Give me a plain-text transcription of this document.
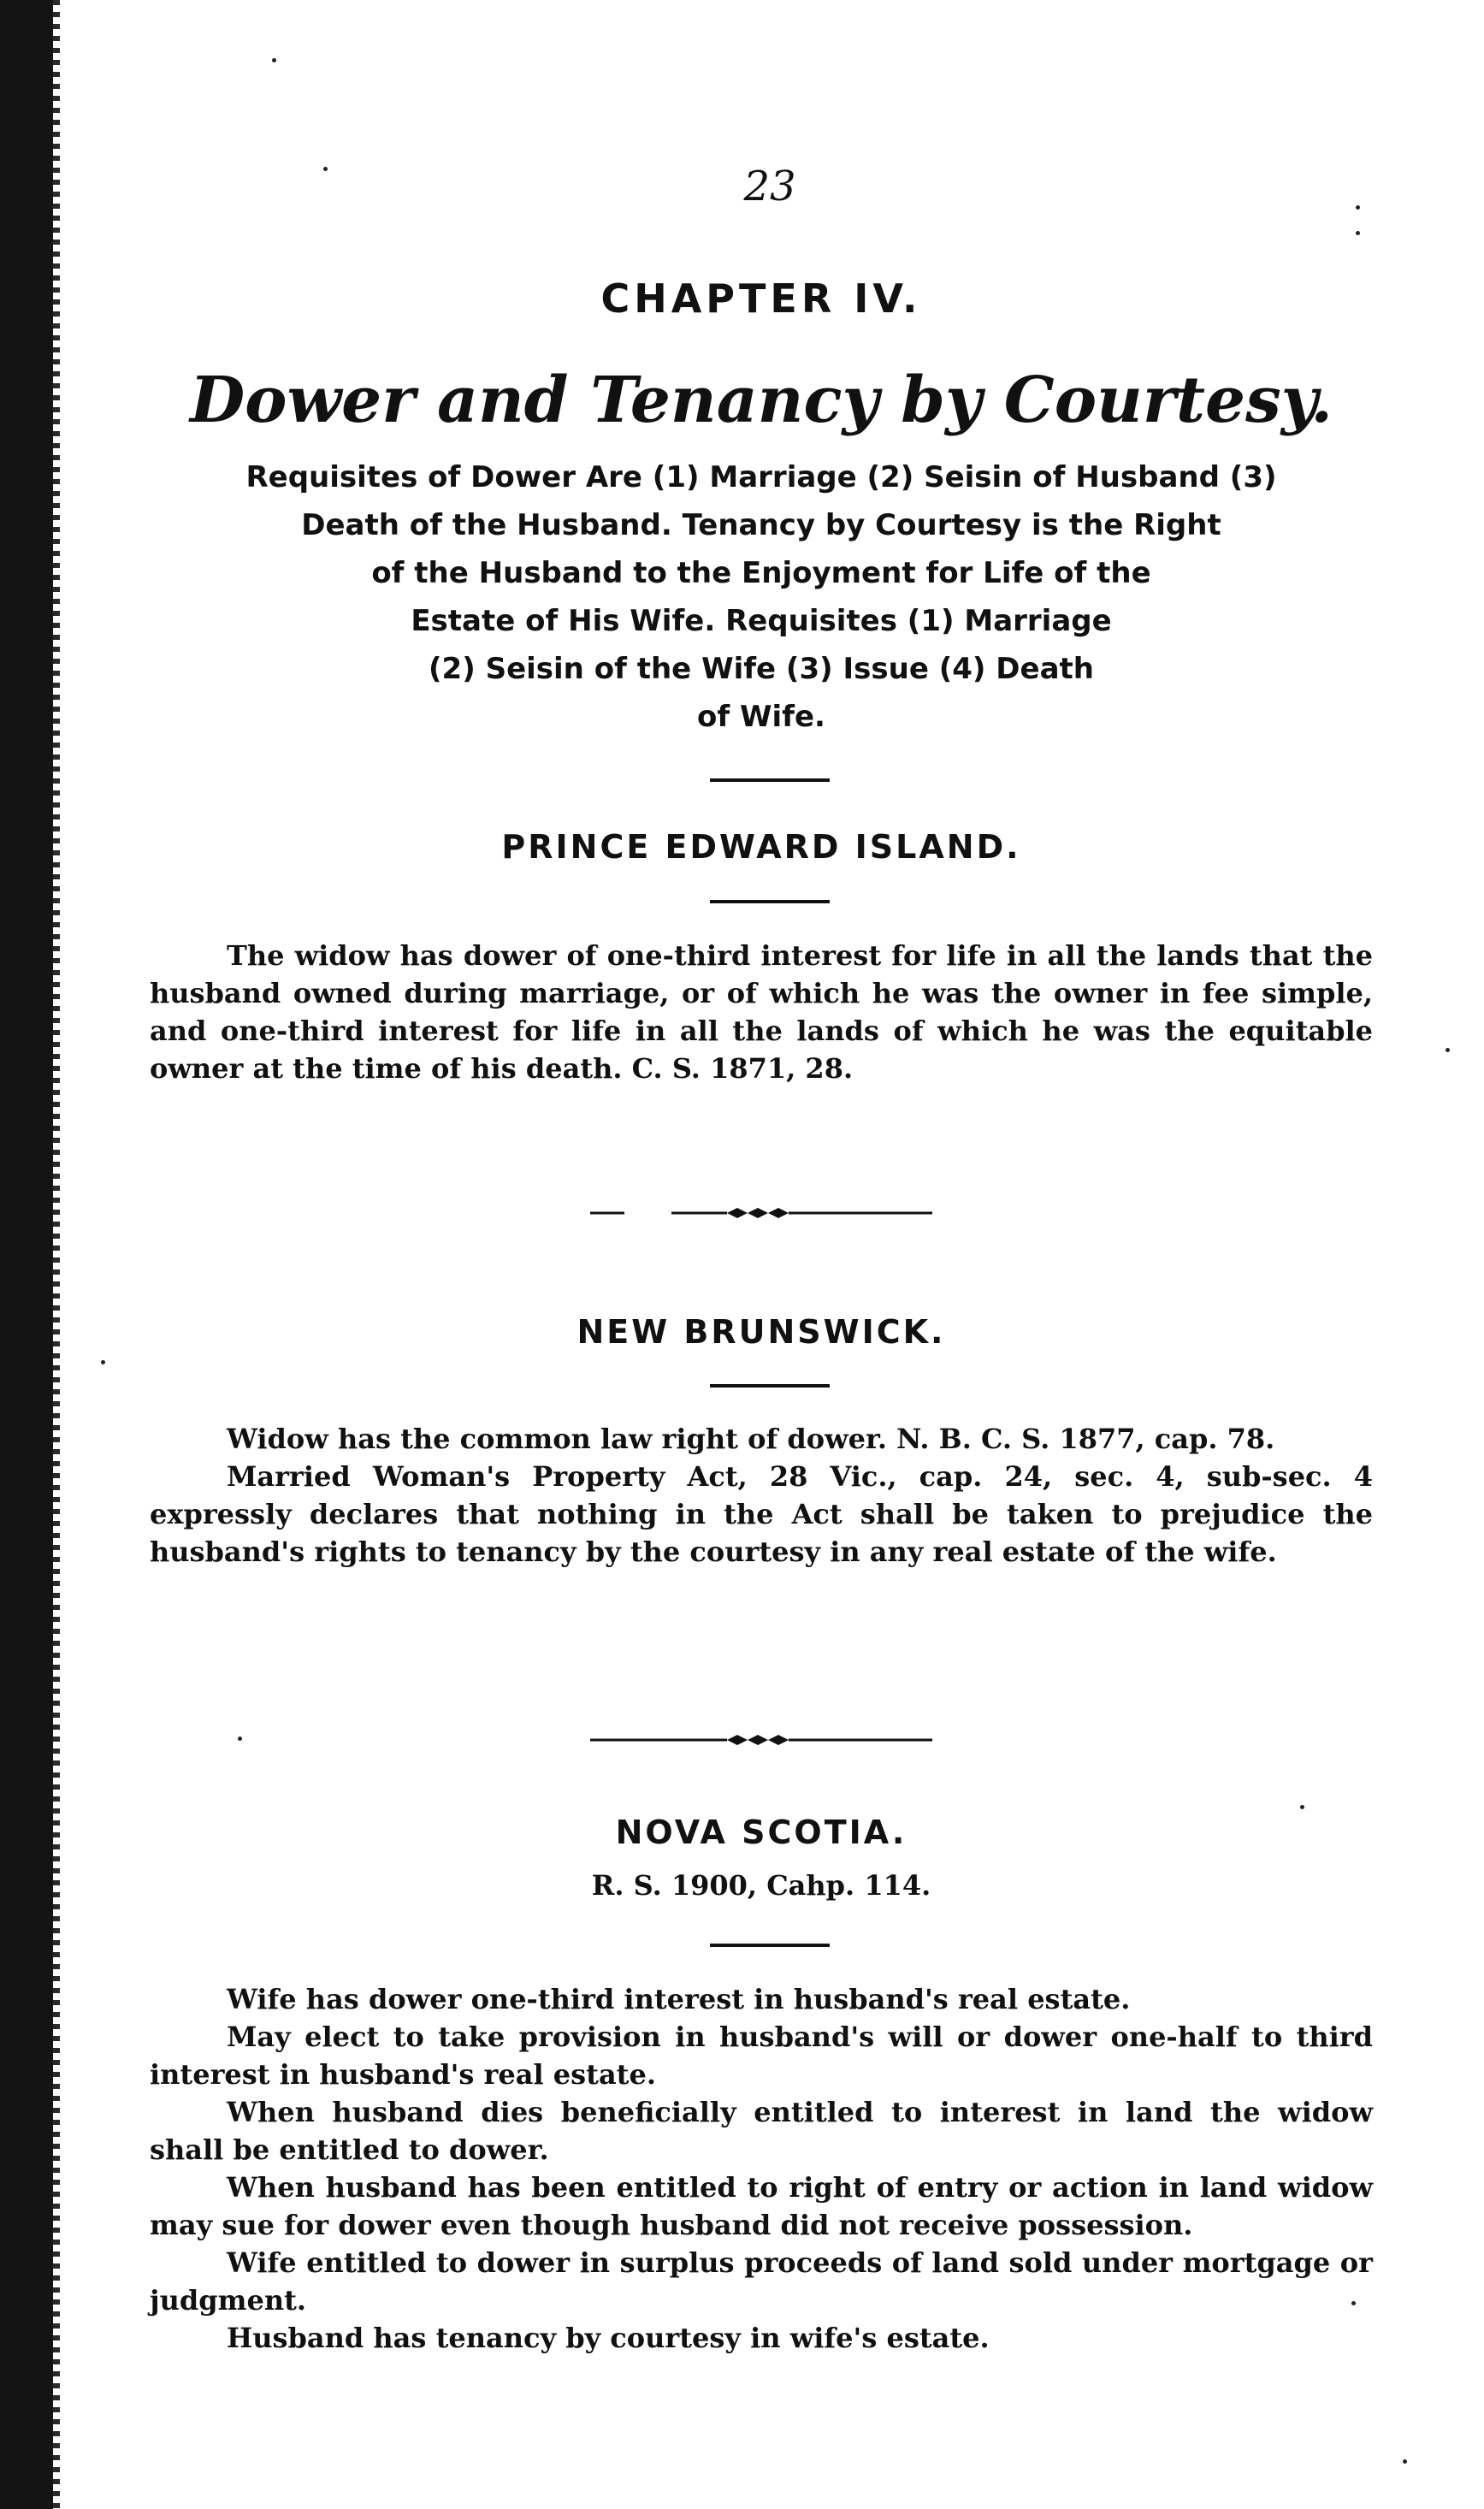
23
CHAPTER IV.
Dower and Tenancy by Courtesy.
Requisites of Dower Are (1) Marriage (2) Seisin of Husband (3)
Death of the Husband. Tenancy by Courtesy is the Right
of the Husband to the Enjoyment for Life of the
Estate of His Wife. Requisites (1) Marriage
(2) Seisin of the Wife (3) Issue (4) Death
of Wife.
PRINCE EDWARD ISLAND.

The widow has dower of one-third interest for life in all the lands that the husband owned during marriage, or of which he was the owner in fee simple, and one-third interest for life in all the lands of which he was the equitable owner at the time of his death. C. S. 1871, 28.

NEW BRUNSWICK.

Widow has the common law right of dower. N. B. C. S. 1877, cap. 78.

Married Woman's Property Act, 28 Vic., cap. 24, sec. 4, sub-sec. 4 expressly declares that nothing in the Act shall be taken to prejudice the husband's rights to tenancy by the courtesy in any real estate of the wife.

NOVA SCOTIA.
R. S. 1900, Cahp. 114.

Wife has dower one-third interest in husband's real estate.

May elect to take provision in husband's will or dower one-half to third interest in husband's real estate.

When husband dies beneficially entitled to interest in land the widow shall be entitled to dower.

When husband has been entitled to right of entry or action in land widow may sue for dower even though husband did not receive possession.

Wife entitled to dower in surplus proceeds of land sold under mortgage or judgment.

Husband has tenancy by courtesy in wife's estate.
